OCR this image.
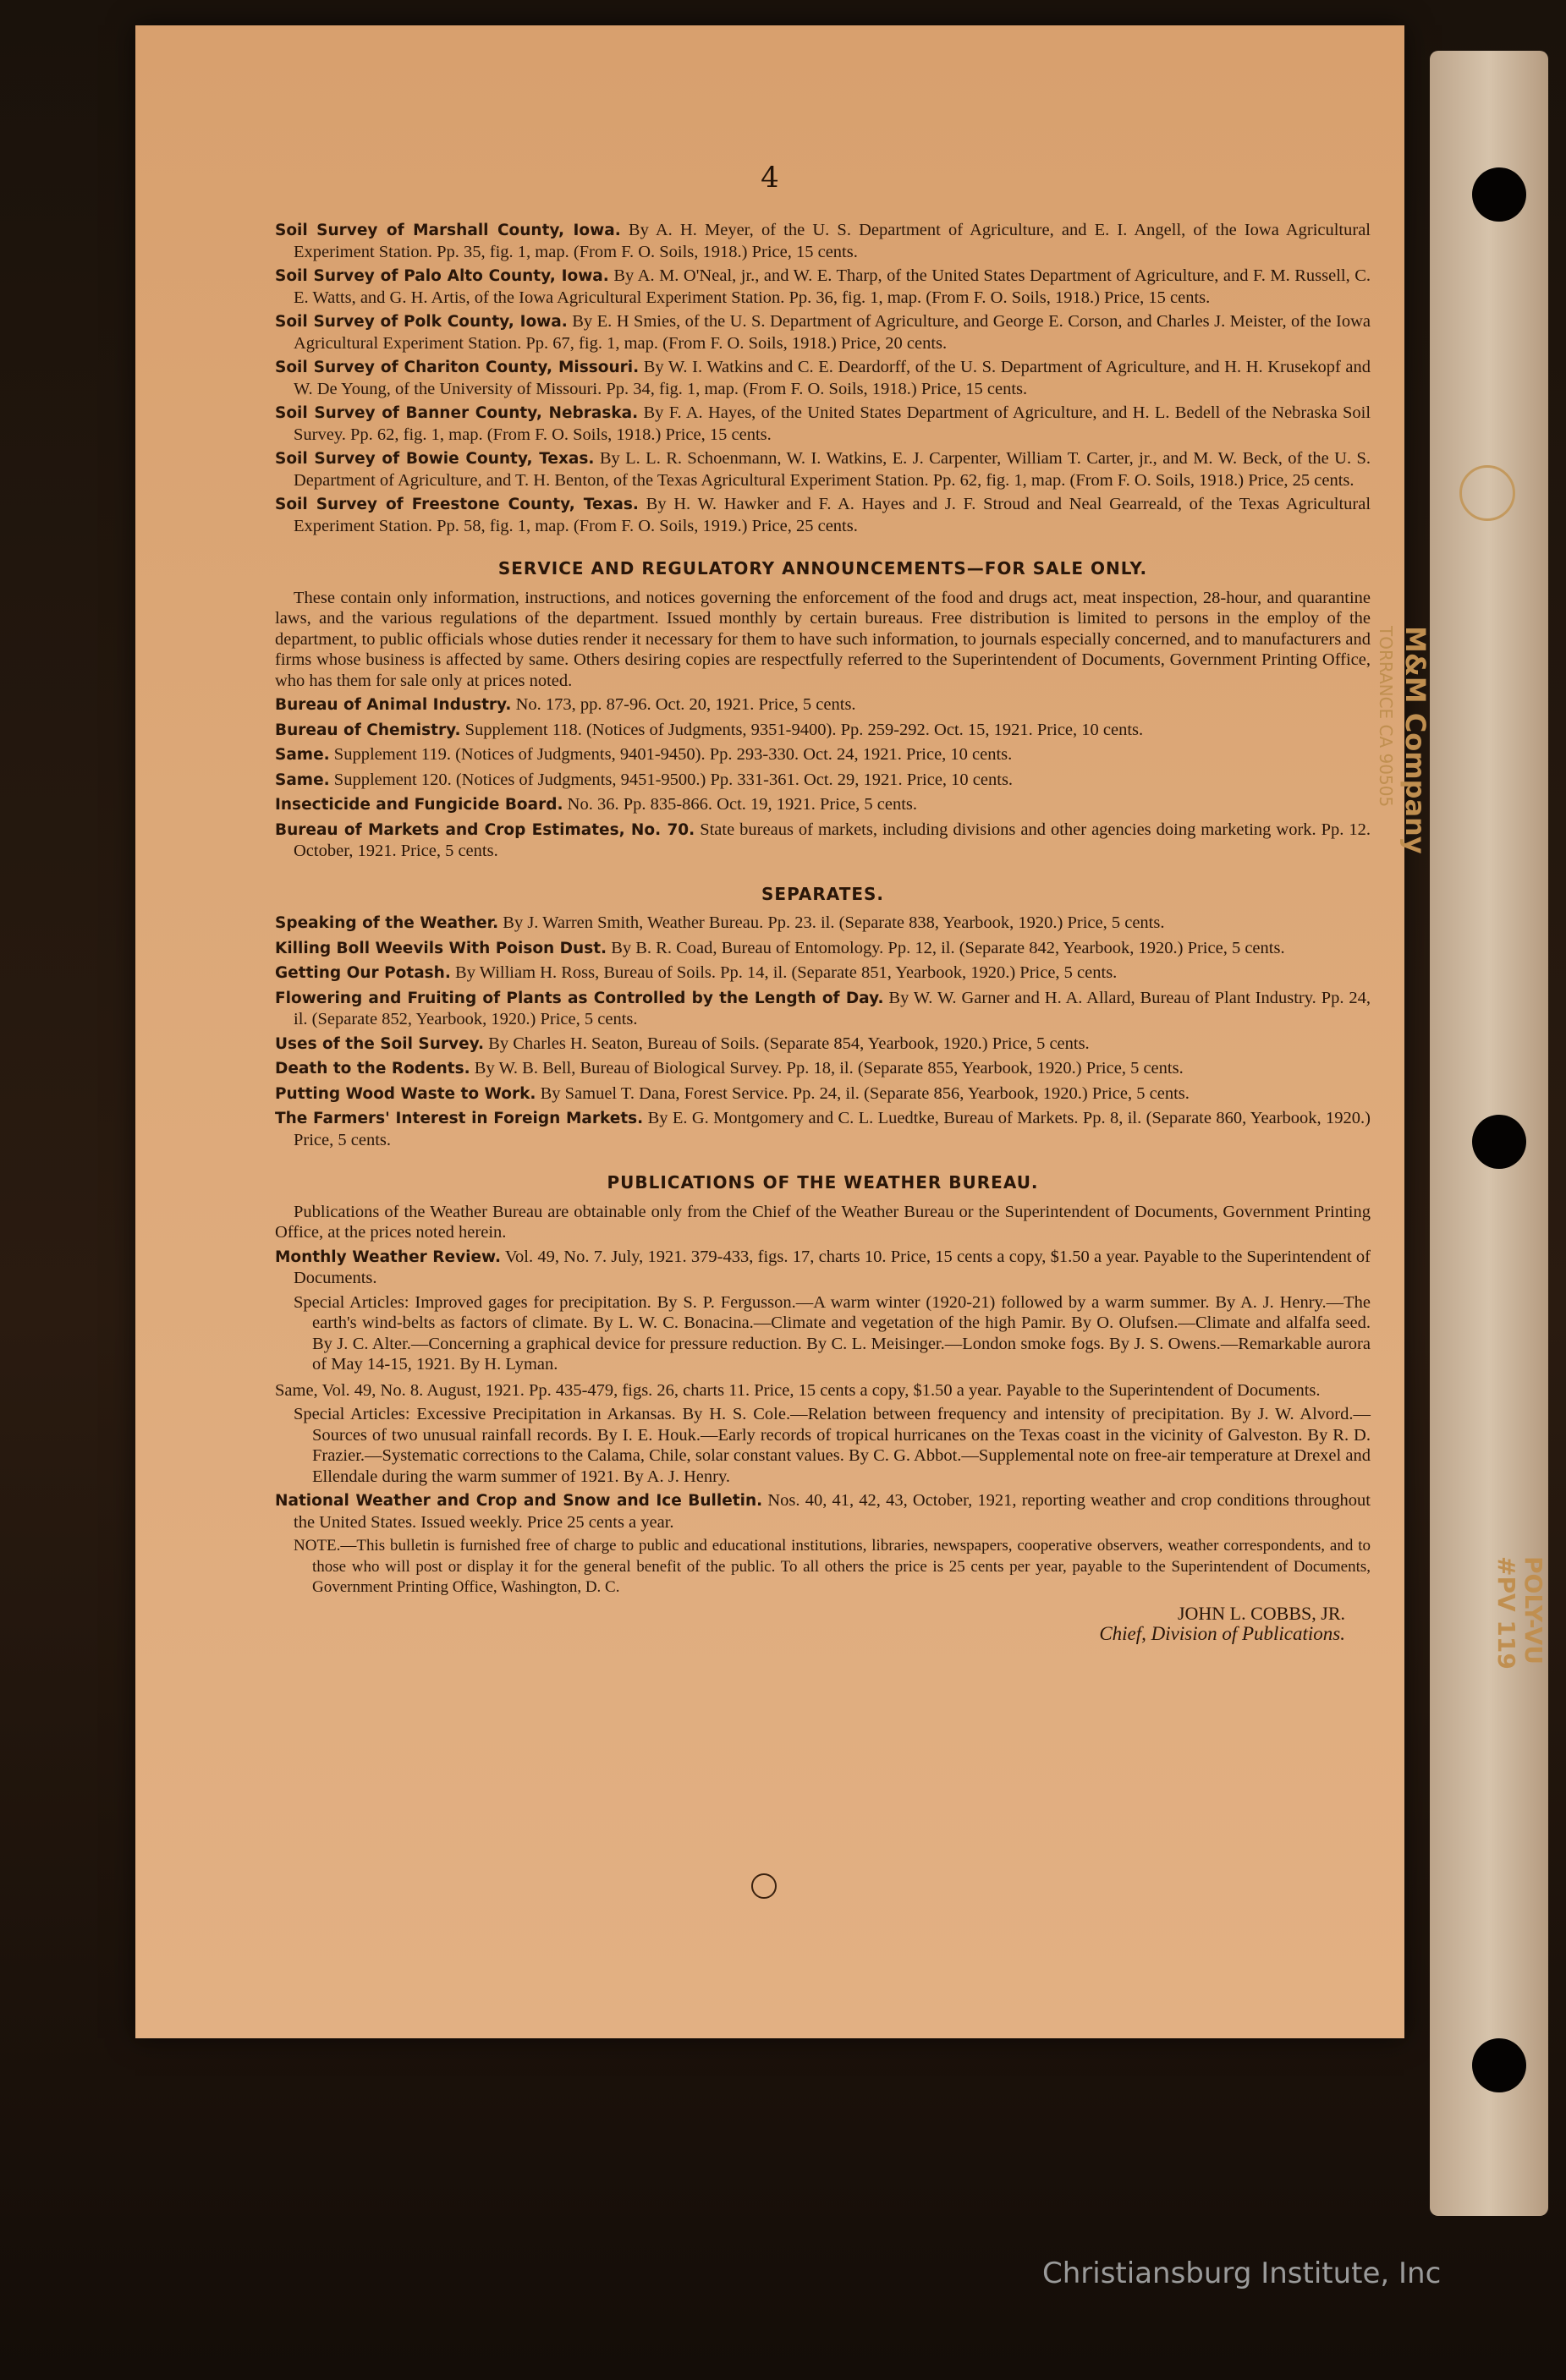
4

Soil Survey of Marshall County, Iowa. By A. H. Meyer, of the U. S. Department of Agriculture, and E. I. Angell, of the Iowa Agricultural Experiment Station. Pp. 35, fig. 1, map. (From F. O. Soils, 1918.) Price, 15 cents.

Soil Survey of Palo Alto County, Iowa. By A. M. O'Neal, jr., and W. E. Tharp, of the United States Department of Agriculture, and F. M. Russell, C. E. Watts, and G. H. Artis, of the Iowa Agricultural Experiment Station. Pp. 36, fig. 1, map. (From F. O. Soils, 1918.) Price, 15 cents.

Soil Survey of Polk County, Iowa. By E. H Smies, of the U. S. Department of Agriculture, and George E. Corson, and Charles J. Meister, of the Iowa Agricultural Experiment Station. Pp. 67, fig. 1, map. (From F. O. Soils, 1918.) Price, 20 cents.

Soil Survey of Chariton County, Missouri. By W. I. Watkins and C. E. Deardorff, of the U. S. Department of Agriculture, and H. H. Krusekopf and W. De Young, of the University of Missouri. Pp. 34, fig. 1, map. (From F. O. Soils, 1918.) Price, 15 cents.

Soil Survey of Banner County, Nebraska. By F. A. Hayes, of the United States Department of Agriculture, and H. L. Bedell of the Nebraska Soil Survey. Pp. 62, fig. 1, map. (From F. O. Soils, 1918.) Price, 15 cents.

Soil Survey of Bowie County, Texas. By L. L. R. Schoenmann, W. I. Watkins, E. J. Carpenter, William T. Carter, jr., and M. W. Beck, of the U. S. Department of Agriculture, and T. H. Benton, of the Texas Agricultural Experiment Station. Pp. 62, fig. 1, map. (From F. O. Soils, 1918.) Price, 25 cents.

Soil Survey of Freestone County, Texas. By H. W. Hawker and F. A. Hayes and J. F. Stroud and Neal Gearreald, of the Texas Agricultural Experiment Station. Pp. 58, fig. 1, map. (From F. O. Soils, 1919.) Price, 25 cents.

SERVICE AND REGULATORY ANNOUNCEMENTS—FOR SALE ONLY.

These contain only information, instructions, and notices governing the enforcement of the food and drugs act, meat inspection, 28-hour, and quarantine laws, and the various regulations of the department. Issued monthly by certain bureaus. Free distribution is limited to persons in the employ of the department, to public officials whose duties render it necessary for them to have such information, to journals especially concerned, and to manufacturers and firms whose business is affected by same. Others desiring copies are respectfully referred to the Superintendent of Documents, Government Printing Office, who has them for sale only at prices noted.

Bureau of Animal Industry. No. 173, pp. 87-96. Oct. 20, 1921. Price, 5 cents.

Bureau of Chemistry. Supplement 118. (Notices of Judgments, 9351-9400). Pp. 259-292. Oct. 15, 1921. Price, 10 cents.

Same. Supplement 119. (Notices of Judgments, 9401-9450). Pp. 293-330. Oct. 24, 1921. Price, 10 cents.

Same. Supplement 120. (Notices of Judgments, 9451-9500.) Pp. 331-361. Oct. 29, 1921. Price, 10 cents.

Insecticide and Fungicide Board. No. 36. Pp. 835-866. Oct. 19, 1921. Price, 5 cents.

Bureau of Markets and Crop Estimates, No. 70. State bureaus of markets, including divisions and other agencies doing marketing work. Pp. 12. October, 1921. Price, 5 cents.

SEPARATES.

Speaking of the Weather. By J. Warren Smith, Weather Bureau. Pp. 23. il. (Separate 838, Yearbook, 1920.) Price, 5 cents.

Killing Boll Weevils With Poison Dust. By B. R. Coad, Bureau of Entomology. Pp. 12, il. (Separate 842, Yearbook, 1920.) Price, 5 cents.

Getting Our Potash. By William H. Ross, Bureau of Soils. Pp. 14, il. (Separate 851, Yearbook, 1920.) Price, 5 cents.

Flowering and Fruiting of Plants as Controlled by the Length of Day. By W. W. Garner and H. A. Allard, Bureau of Plant Industry. Pp. 24, il. (Separate 852, Yearbook, 1920.) Price, 5 cents.

Uses of the Soil Survey. By Charles H. Seaton, Bureau of Soils. (Separate 854, Yearbook, 1920.) Price, 5 cents.

Death to the Rodents. By W. B. Bell, Bureau of Biological Survey. Pp. 18, il. (Separate 855, Yearbook, 1920.) Price, 5 cents.

Putting Wood Waste to Work. By Samuel T. Dana, Forest Service. Pp. 24, il. (Separate 856, Yearbook, 1920.) Price, 5 cents.

The Farmers' Interest in Foreign Markets. By E. G. Montgomery and C. L. Luedtke, Bureau of Markets. Pp. 8, il. (Separate 860, Yearbook, 1920.) Price, 5 cents.

PUBLICATIONS OF THE WEATHER BUREAU.

Publications of the Weather Bureau are obtainable only from the Chief of the Weather Bureau or the Superintendent of Documents, Government Printing Office, at the prices noted herein.

Monthly Weather Review. Vol. 49, No. 7. July, 1921. 379-433, figs. 17, charts 10. Price, 15 cents a copy, $1.50 a year. Payable to the Superintendent of Documents.

Special Articles: Improved gages for precipitation. By S. P. Fergusson.—A warm winter (1920-21) followed by a warm summer. By A. J. Henry.—The earth's wind-belts as factors of climate. By L. W. C. Bonacina.—Climate and vegetation of the high Pamir. By O. Olufsen.—Climate and alfalfa seed. By J. C. Alter.—Concerning a graphical device for pressure reduction. By C. L. Meisinger.—London smoke fogs. By J. S. Owens.—Remarkable aurora of May 14-15, 1921. By H. Lyman.

Same, Vol. 49, No. 8. August, 1921. Pp. 435-479, figs. 26, charts 11. Price, 15 cents a copy, $1.50 a year. Payable to the Superintendent of Documents.

Special Articles: Excessive Precipitation in Arkansas. By H. S. Cole.—Relation between frequency and intensity of precipitation. By J. W. Alvord.—Sources of two unusual rainfall records. By I. E. Houk.—Early records of tropical hurricanes on the Texas coast in the vicinity of Galveston. By R. D. Frazier.—Systematic corrections to the Calama, Chile, solar constant values. By C. G. Abbot.—Supplemental note on free-air temperature at Drexel and Ellendale during the warm summer of 1921. By A. J. Henry.

National Weather and Crop and Snow and Ice Bulletin. Nos. 40, 41, 42, 43, October, 1921, reporting weather and crop conditions throughout the United States. Issued weekly. Price 25 cents a year.

NOTE.—This bulletin is furnished free of charge to public and educational institutions, libraries, newspapers, cooperative observers, weather correspondents, and to those who will post or display it for the general benefit of the public. To all others the price is 25 cents per year, payable to the Superintendent of Documents, Government Printing Office, Washington, D. C.

JOHN L. COBBS, JR.
Chief, Division of Publications.
M&M Company
TORRANCE CA 90505
POLY-VU
#PV 119
Christiansburg Institute, Inc
